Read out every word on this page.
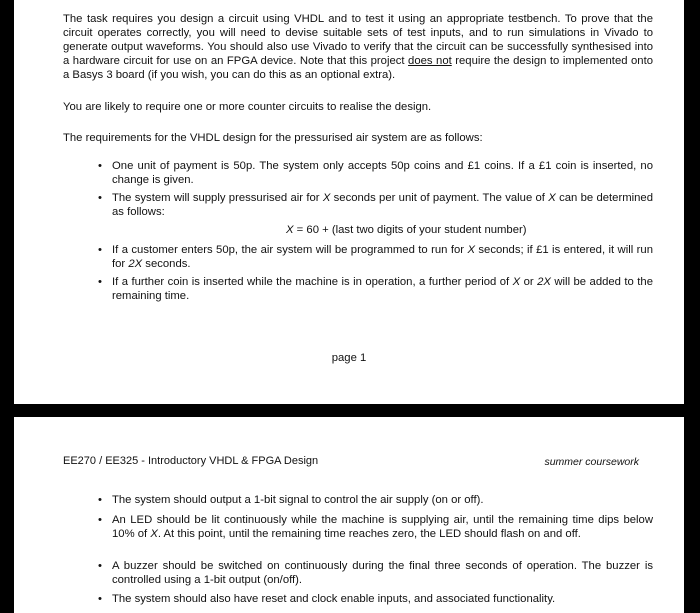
The task requires you design a circuit using VHDL and to test it using an appropriate testbench. To prove that the circuit operates correctly, you will need to devise suitable sets of test inputs, and to run simulations in Vivado to generate output waveforms. You should also use Vivado to verify that the circuit can be successfully synthesised into a hardware circuit for use on an FPGA device. Note that this project does not require the design to implemented onto a Basys 3 board (if you wish, you can do this as an optional extra).
You are likely to require one or more counter circuits to realise the design.
The requirements for the VHDL design for the pressurised air system are as follows:
• One unit of payment is 50p. The system only accepts 50p coins and £1 coins. If a £1 coin is inserted, no change is given.
• The system will supply pressurised air for X seconds per unit of payment. The value of X can be determined as follows:
X = 60 + (last two digits of your student number)
• If a customer enters 50p, the air system will be programmed to run for X seconds; if £1 is entered, it will run for 2X seconds.
• If a further coin is inserted while the machine is in operation, a further period of X or 2X will be added to the remaining time.
page 1
EE270 / EE325 - Introductory VHDL & FPGA Design	summer coursework
• The system should output a 1-bit signal to control the air supply (on or off).
• An LED should be lit continuously while the machine is supplying air, until the remaining time dips below 10% of X. At this point, until the remaining time reaches zero, the LED should flash on and off.
• A buzzer should be switched on continuously during the final three seconds of operation. The buzzer is controlled using a 1-bit output (on/off).
• The system should also have reset and clock enable inputs, and associated functionality.
